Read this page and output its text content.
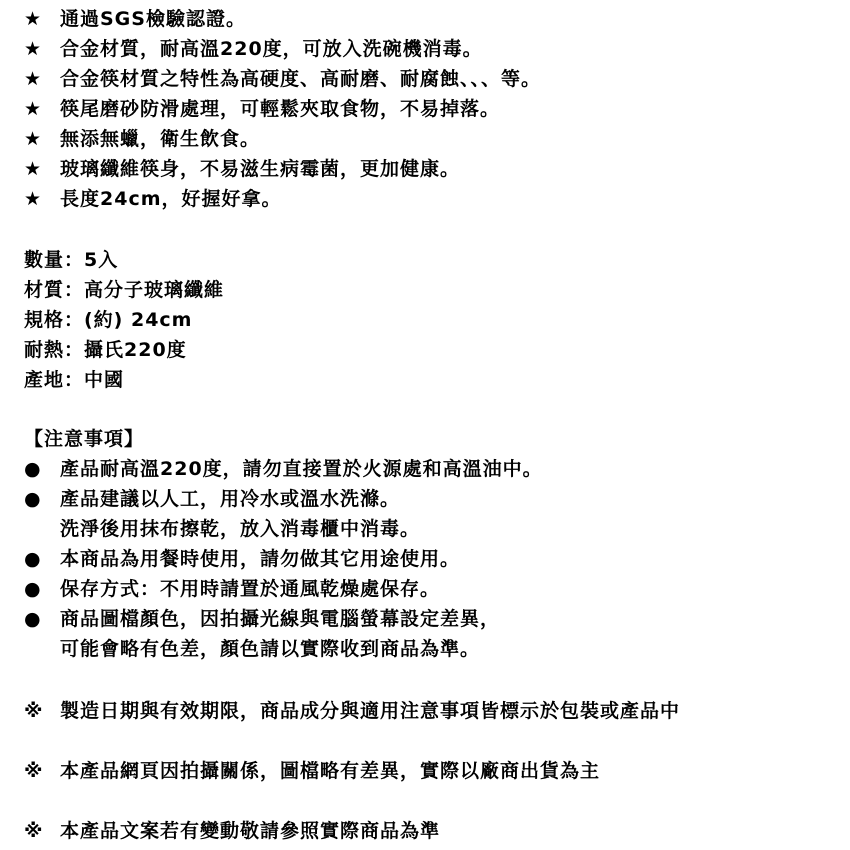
★ 通過SGS檢驗認證。
★ 合金材質，耐高溫220度，可放入洗碗機消毒。
★ 合金筷材質之特性為高硬度、高耐磨、耐腐蝕、、、等。
★ 筷尾磨砂防滑處理，可輕鬆夾取食物，不易掉落。
★ 無添無蠟，衛生飲食。
★ 玻璃纖維筷身，不易滋生病霉菌，更加健康。
★ 長度24cm，好握好拿。
數量：5入
材質：高分子玻璃纖維
規格：(約) 24cm
耐熱：攝氏220度
產地：中國
【注意事項】
● 產品耐高溫220度，請勿直接置於火源處和高溫油中。
● 產品建議以人工，用冷水或溫水洗滌。
洗淨後用抹布擦乾，放入消毒櫃中消毒。
● 本商品為用餐時使用，請勿做其它用途使用。
● 保存方式：不用時請置於通風乾燥處保存。
● 商品圖檔顏色，因拍攝光線與電腦螢幕設定差異，
可能會略有色差，顏色請以實際收到商品為準。
※ 製造日期與有效期限，商品成分與適用注意事項皆標示於包裝或產品中
※ 本產品網頁因拍攝關係，圖檔略有差異，實際以廠商出貨為主
※ 本產品文案若有變動敬請參照實際商品為準
